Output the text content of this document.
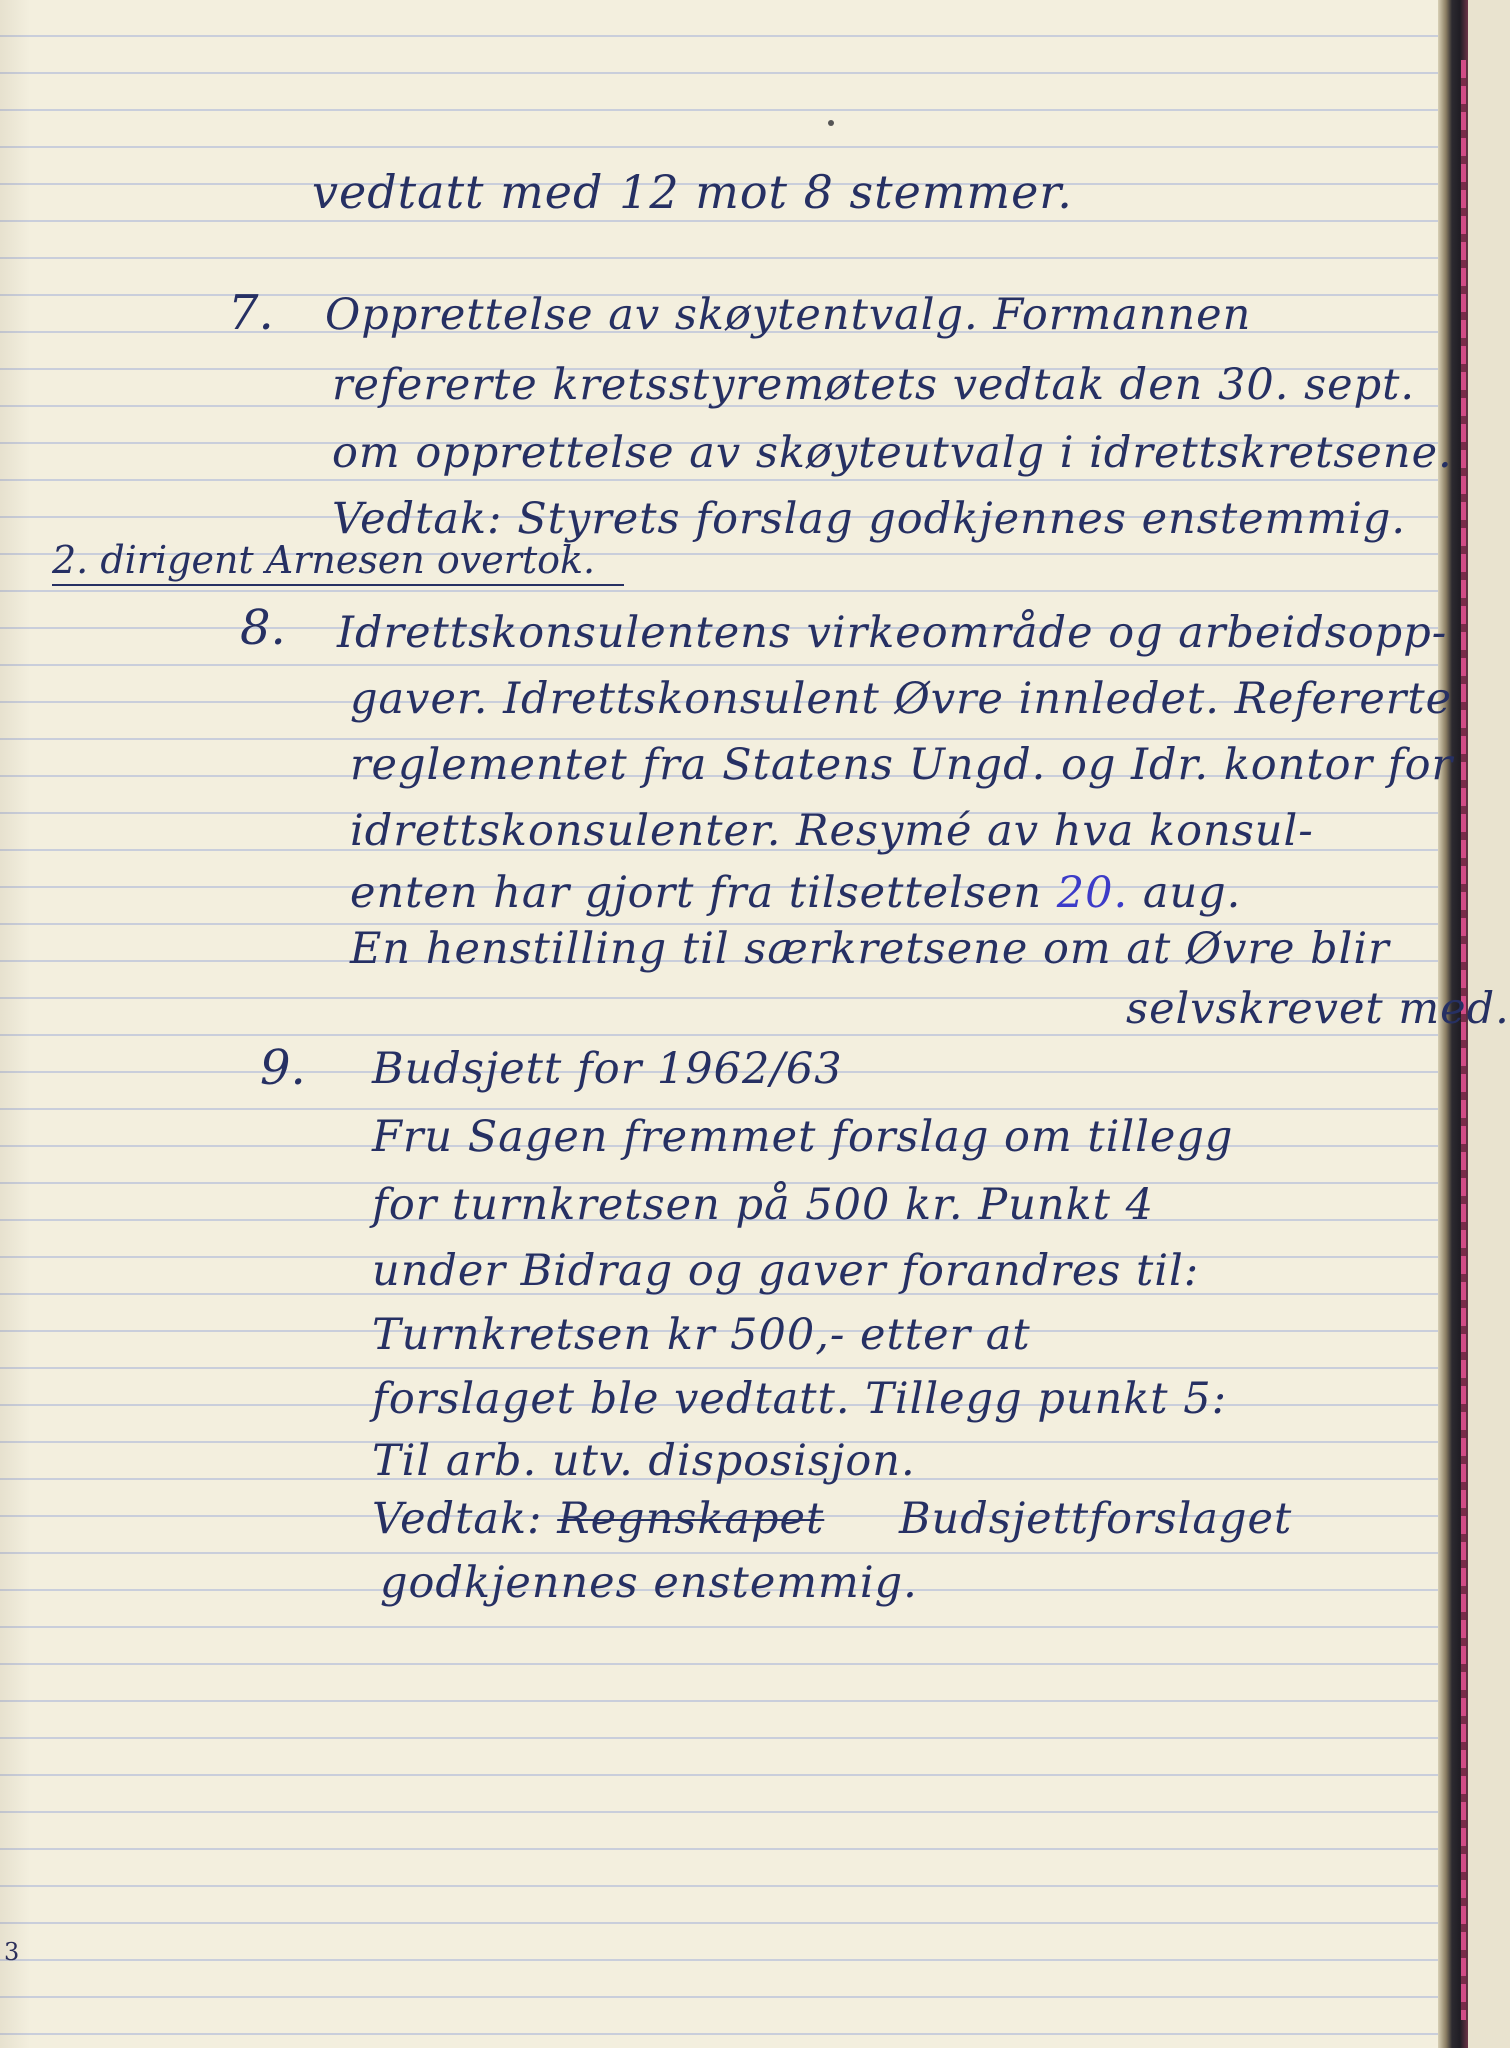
vedtatt med 12 mot 8 stemmer.
7. Opprettelse av skøytentvalg. Formannen
refererte kretsstyremøtets vedtak den 30. sept.
om opprettelse av skøyteutvalg i idrettskretsene.
Vedtak: Styrets forslag godkjennes enstemmig.
2. dirigent Arnesen overtok.
8. Idrettskonsulentens virkeområde og arbeidsopp-
gaver. Idrettskonsulent Øvre innledet. Refererte
reglementet fra Statens Ungd. og Idr. kontor for
idrettskonsulenter. Resymé av hva konsul-
enten har gjort fra tilsettelsen 20. aug.
En henstilling til særkretsene om at Øvre blir
selvskrevet med.
9. Budsjett for 1962/63
Fru Sagen fremmet forslag om tillegg
for turnkretsen på 500 kr. Punkt 4
under Bidrag og gaver forandres til:
Turnkretsen kr 500,- etter at
forslaget ble vedtatt. Tillegg punkt 5:
Til arb. utv. disposisjon.
Vedtak: Regnskapet Budsjettforslaget
godkjennes enstemmig.
3
